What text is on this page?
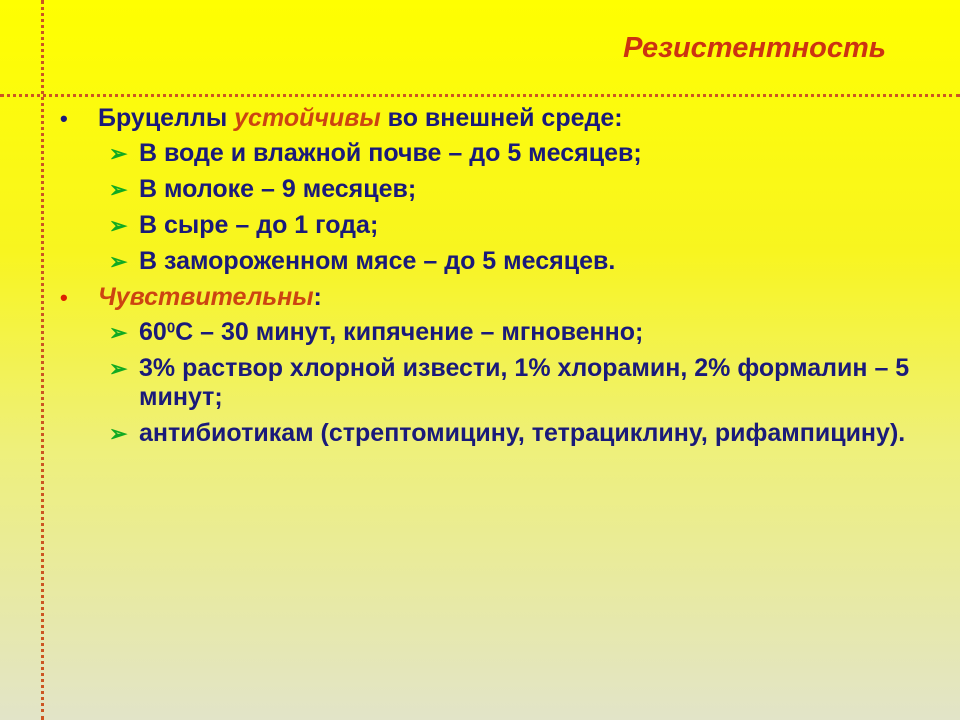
Резистентность
• Бруцеллы устойчивы во внешней среде:
➢ В воде и влажной почве – до 5 месяцев;
➢ В молоке – 9 месяцев;
➢ В сыре – до 1 года;
➢ В замороженном мясе – до 5 месяцев.
• Чувствительны:
➢ $60^0С - 30$ минут, кипячение – мгновенно;
➢ 3% раствор хлорной извести, 1% хлорамин, 2% формалин – 5 минут;
➢ антибиотикам (стрептомицину, тетрациклину, рифампицину).
